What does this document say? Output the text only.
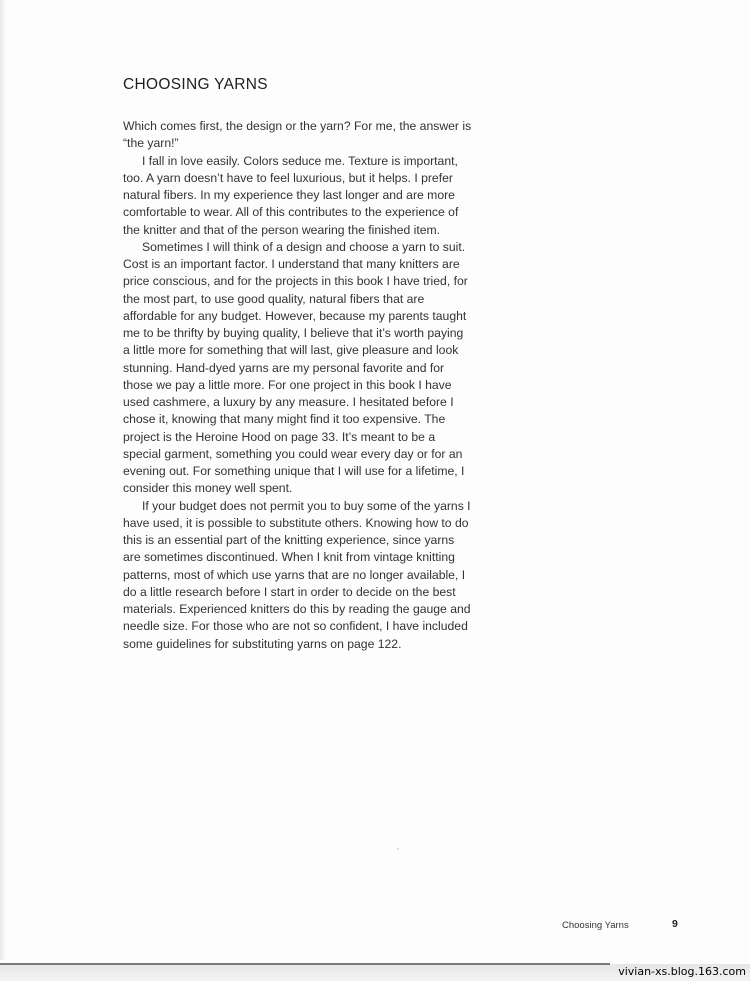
CHOOSING YARNS

Which comes first, the design or the yarn? For me, the answer is “the yarn!”

I fall in love easily. Colors seduce me. Texture is important, too. A yarn doesn’t have to feel luxurious, but it helps. I prefer natural fibers. In my experience they last longer and are more comfortable to wear. All of this contributes to the experience of the knitter and that of the person wearing the finished item.

Sometimes I will think of a design and choose a yarn to suit. Cost is an important factor. I understand that many knitters are price conscious, and for the projects in this book I have tried, for the most part, to use good quality, natural fibers that are affordable for any budget. However, because my parents taught me to be thrifty by buying quality, I believe that it’s worth paying a little more for something that will last, give pleasure and look stunning. Hand-dyed yarns are my personal favorite and for those we pay a little more. For one project in this book I have used cashmere, a luxury by any measure. I hesitated before I chose it, knowing that many might find it too expensive. The project is the Heroine Hood on page 33. It’s meant to be a special garment, something you could wear every day or for an evening out. For something unique that I will use for a lifetime, I consider this money well spent.

If your budget does not permit you to buy some of the yarns I have used, it is possible to substitute others. Knowing how to do this is an essential part of the knitting experience, since yarns are sometimes discontinued. When I knit from vintage knitting patterns, most of which use yarns that are no longer available, I do a little research before I start in order to decide on the best materials. Experienced knitters do this by reading the gauge and needle size. For those who are not so confident, I have included some guidelines for substituting yarns on page 122.

Choosing Yarns	9
vivian-xs.blog.163.com
